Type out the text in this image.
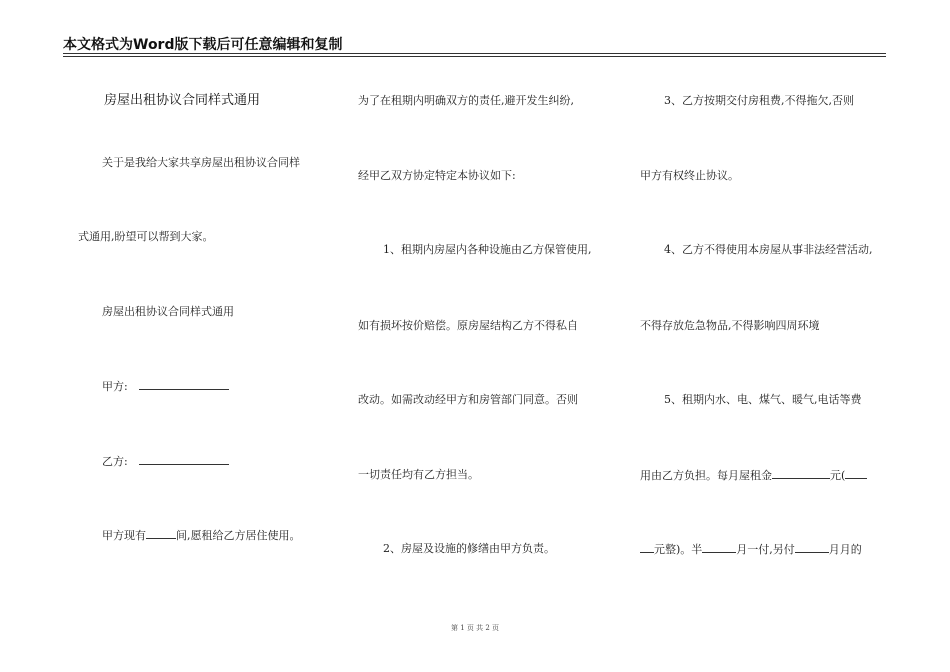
本文格式为Word版下载后可任意编辑和复制
房屋出租协议合同样式通用
关于是我给大家共享房屋出租协议合同样
式通用,盼望可以帮到大家。
房屋出租协议合同样式通用
甲方:
乙方:
甲方现有	间,愿租给乙方居住使用。
为了在租期内明确双方的责任,避开发生纠纷,
经甲乙双方协定特定本协议如下:
1、租期内房屋内各种设施由乙方保管使用,
如有损坏按价赔偿。原房屋结构乙方不得私自
改动。如需改动经甲方和房管部门同意。否则
一切责任均有乙方担当。
2、房屋及设施的修缮由甲方负责。
3、乙方按期交付房租费,不得拖欠,否则
甲方有权终止协议。
4、乙方不得使用本房屋从事非法经营活动,
不得存放危急物品,不得影响四周环境
5、租期内水、电、煤气、暖气,电话等费
用由乙方负担。每月屋租金	元(
元整)。半	月一付,另付	月月的
第 1 页 共 2 页
